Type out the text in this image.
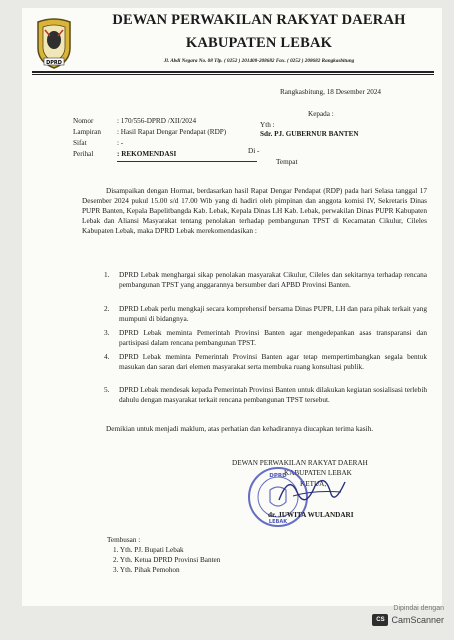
DPRD
DEWAN PERWAKILAN RAKYAT DAERAH
KABUPATEN LEBAK
Jl. Abdi Negara No. 08 Tlp. ( 0252 ) 201408-208682 Fax. ( 0252 ) 208682 Rangkasbitung
Rangkasbitung, 18 Desember 2024
Kepada :
Nomor	: 170/556-DPRD /XII/2024
Lampiran : Hasil Rapat Dengar Pendapat (RDP)
Sifat	: -
Perihal	: REKOMENDASI
Yth :
Sdr. PJ. GUBERNUR BANTEN
Di -
Tempat
Disampaikan dengan Hormat, berdasarkan hasil Rapat Dengar Pendapat (RDP) pada hari Selasa tanggal 17 Desember 2024 pukul 15.00 s/d 17.00 Wib yang di hadiri oleh pimpinan dan anggota komisi IV, Sekretaris Dinas PUPR Banten, Kepala Bapelitbangda Kab. Lebak, Kepala Dinas LH Kab. Lebak, perwakilan Dinas PUPR Kabupaten Lebak dan Aliansi Masyarakat tentang penolakan terhadap pembangunan TPST di Kecamatan Cikulur, Cileles Kabupaten Lebak, maka DPRD Lebak merekomendasikan :
1. DPRD Lebak menghargai sikap penolakan masyarakat Cikulur, Cileles dan sekitarnya terhadap rencana pembangunan TPST yang anggarannya bersumber dari APBD Provinsi Banten.
2. DPRD Lebak perlu mengkaji secara komprehensif bersama Dinas PUPR, LH dan para pihak terkait yang mumpuni di bidangnya.
3. DPRD Lebak meminta Pemerintah Provinsi Banten agar mengedepankan asas transparansi dan partisipasi dalam rencana pembangunan TPST.
4. DPRD Lebak meminta Pemerintah Provinsi Banten agar tetap mempertimbangkan segala bentuk masukan dan saran dari elemen masyarakat serta membuka ruang konsultasi publik.
5. DPRD Lebak mendesak kepada Pemerintah Provinsi Banten untuk dilakukan kegiatan sosialisasi terlebih dahulu dengan masyarakat terkait rencana pembangunan TPST tersebut.
Demikian untuk menjadi maklum, atas perhatian dan kehadirannya diucapkan terima kasih.
DEWAN PERWAKILAN RAKYAT DAERAH
KABUPATEN LEBAK
KETUA,
DPRD
LEBAK
dr. JUWITA WULANDARI
Tembusan :
1. Yth. PJ. Bupati Lebak
2. Yth. Ketua DPRD Provinsi Banten
3. Yth. Pihak Pemohon
Dipindai dengan
CS CamScanner
